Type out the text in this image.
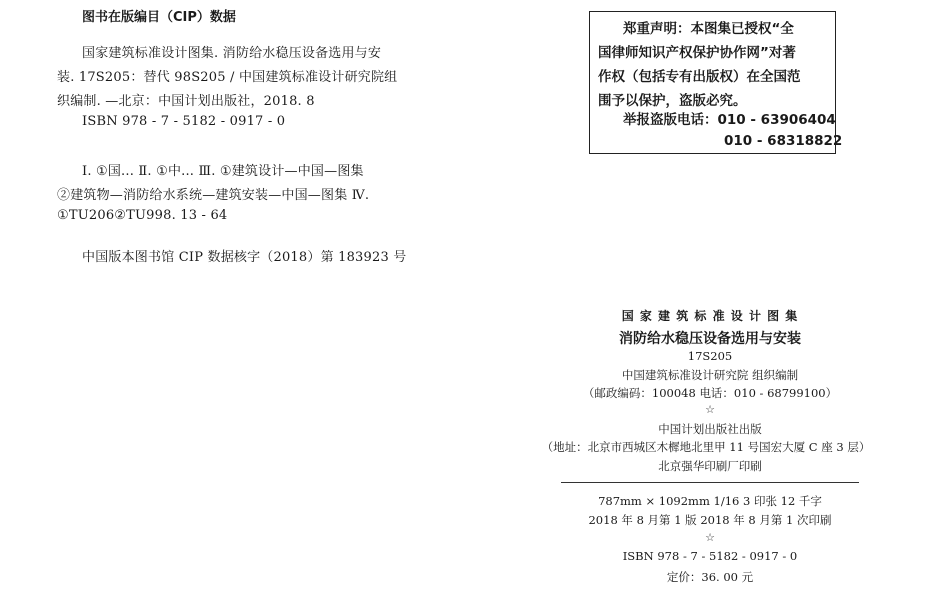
图书在版编目（CIP）数据
国家建筑标准设计图集. 消防给水稳压设备选用与安
装. 17S205：替代 98S205 / 中国建筑标准设计研究院组
织编制. —北京：中国计划出版社，2018. 8
ISBN 978 - 7 - 5182 - 0917 - 0
Ⅰ. ①国... Ⅱ. ①中... Ⅲ. ①建筑设计—中国—图集
②建筑物—消防给水系统—建筑安装—中国—图集 Ⅳ.
①TU206②TU998. 13 - 64
中国版本图书馆 CIP 数据核字（2018）第 183923 号
郑重声明：本图集已授权“全
国律师知识产权保护协作网”对著
作权（包括专有出版权）在全国范
围予以保护，盗版必究。
举报盗版电话：010 - 63906404
010 - 68318822
国 家 建 筑 标 准 设 计 图 集
消防给水稳压设备选用与安装
17S205
中国建筑标准设计研究院 组织编制
（邮政编码：100048 电话：010 - 68799100）
☆
中国计划出版社出版
（地址：北京市西城区木樨地北里甲 11 号国宏大厦 C 座 3 层）
北京强华印刷厂印刷
787mm × 1092mm 1/16 3 印张 12 千字
2018 年 8 月第 1 版 2018 年 8 月第 1 次印刷
☆
ISBN 978 - 7 - 5182 - 0917 - 0
定价：36. 00 元
